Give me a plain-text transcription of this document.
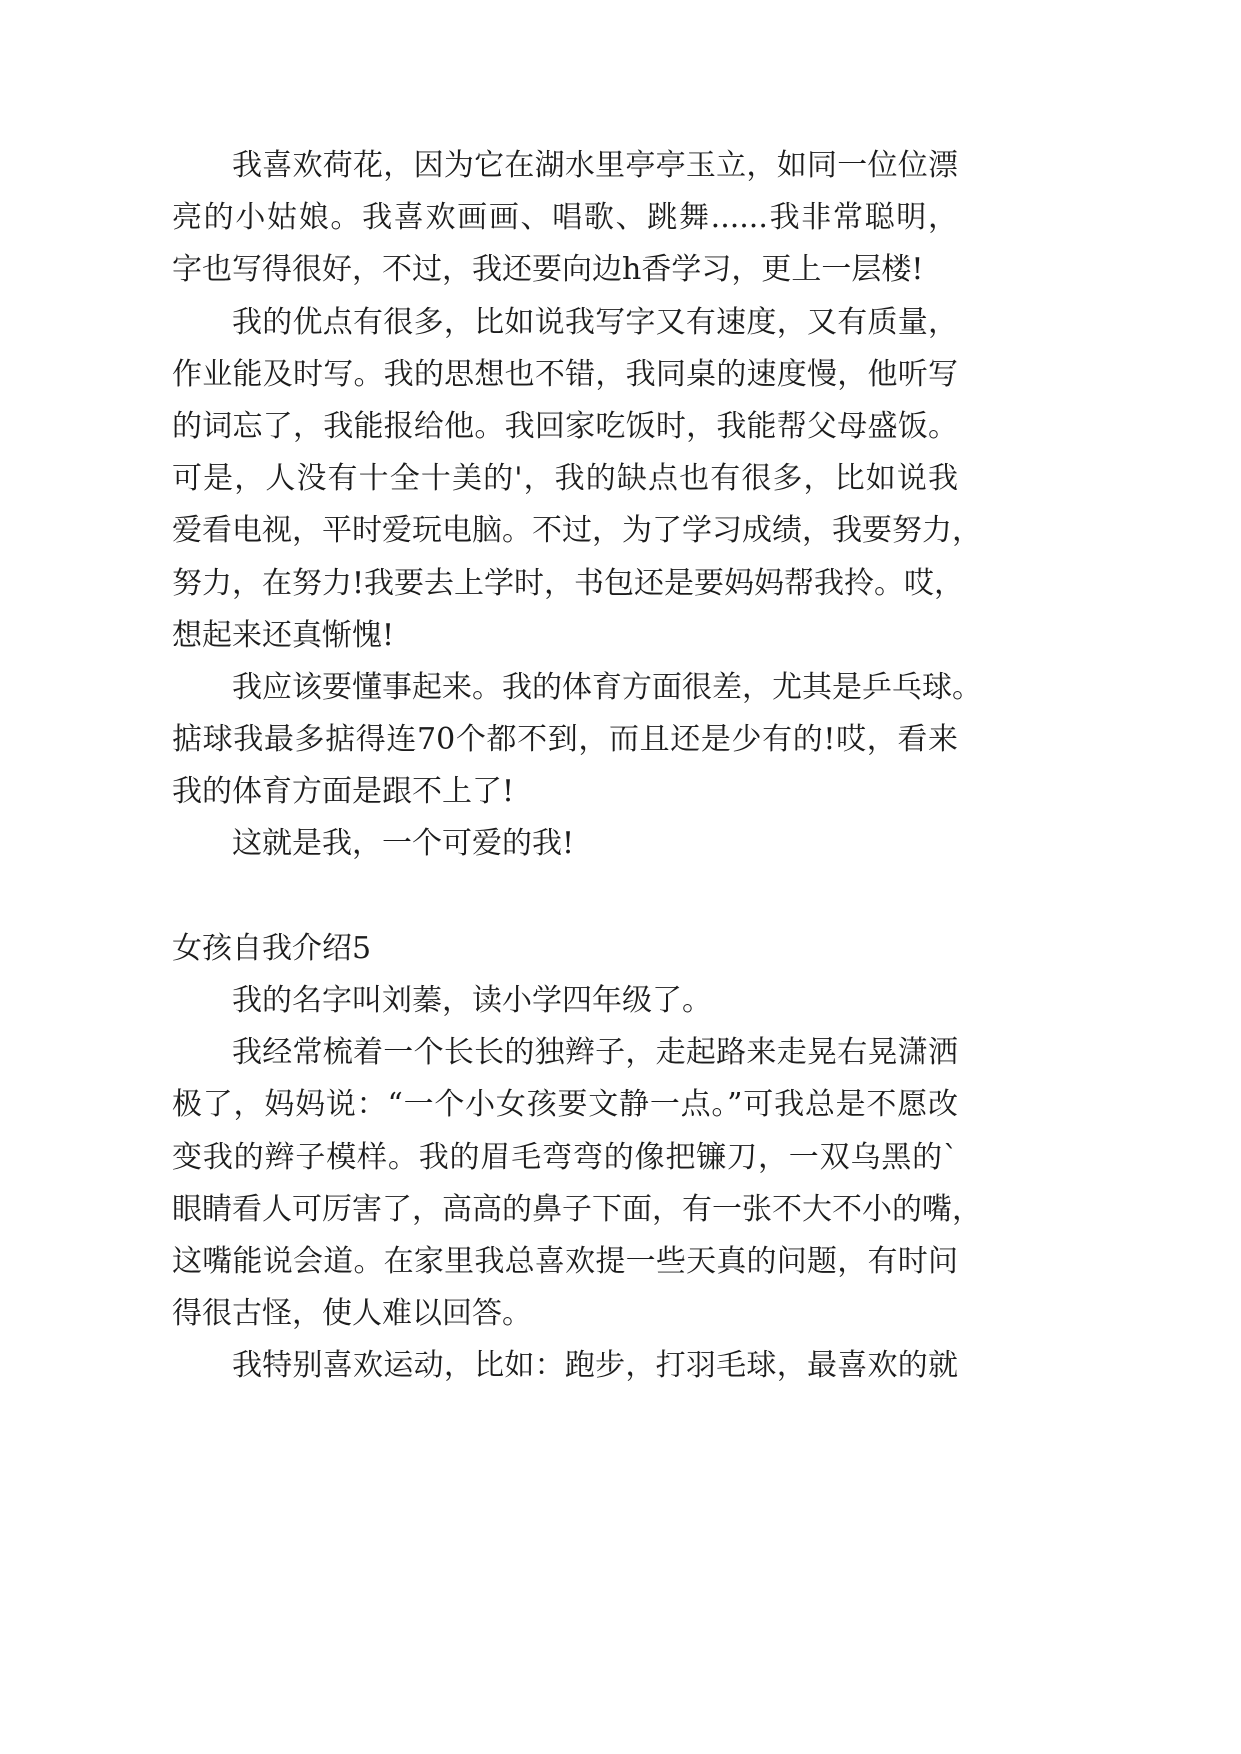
我喜欢荷花，因为它在湖水里亭亭玉立，如同一位位漂
亮的小姑娘。我喜欢画画、唱歌、跳舞......我非常聪明，
字也写得很好，不过，我还要向边h香学习，更上一层楼!
我的优点有很多，比如说我写字又有速度，又有质量，
作业能及时写。我的思想也不错，我同桌的速度慢，他听写
的词忘了，我能报给他。我回家吃饭时，我能帮父母盛饭。
可是，人没有十全十美的'，我的缺点也有很多，比如说我
爱看电视，平时爱玩电脑。不过，为了学习成绩，我要努力，
努力，在努力!我要去上学时，书包还是要妈妈帮我拎。哎，
想起来还真惭愧!
我应该要懂事起来。我的体育方面很差，尤其是乒乓球。
掂球我最多掂得连70个都不到，而且还是少有的!哎，看来
我的体育方面是跟不上了!
这就是我，一个可爱的我!
女孩自我介绍5
我的名字叫刘蓁，读小学四年级了。
我经常梳着一个长长的独辫子，走起路来走晃右晃潇洒
极了，妈妈说：“一个小女孩要文静一点。”可我总是不愿改
变我的辫子模样。我的眉毛弯弯的像把镰刀，一双乌黑的`
眼睛看人可厉害了，高高的鼻子下面，有一张不大不小的嘴，
这嘴能说会道。在家里我总喜欢提一些天真的问题，有时问
得很古怪，使人难以回答。
我特别喜欢运动，比如：跑步，打羽毛球，最喜欢的就
